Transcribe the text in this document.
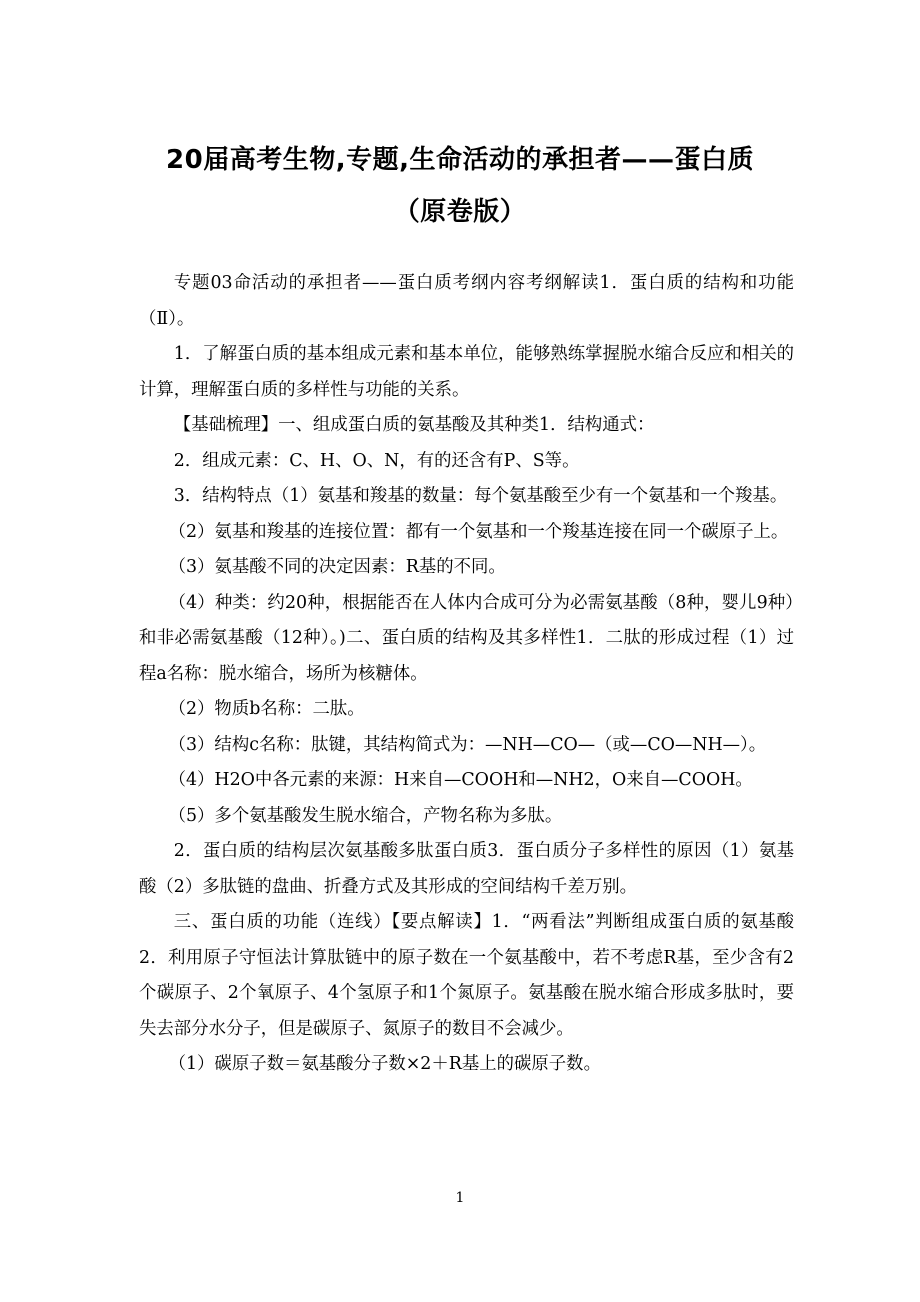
20届高考生物,专题,生命活动的承担者——蛋白质（原卷版）

专题03命活动的承担者——蛋白质考纲内容考纲解读1．蛋白质的结构和功能（Ⅱ）。

1．了解蛋白质的基本组成元素和基本单位，能够熟练掌握脱水缩合反应和相关的计算，理解蛋白质的多样性与功能的关系。

【基础梳理】一、组成蛋白质的氨基酸及其种类1．结构通式：

2．组成元素：C、H、O、N，有的还含有P、S等。

3．结构特点（1）氨基和羧基的数量：每个氨基酸至少有一个氨基和一个羧基。

（2）氨基和羧基的连接位置：都有一个氨基和一个羧基连接在同一个碳原子上。

（3）氨基酸不同的决定因素：R基的不同。

（4）种类：约20种，根据能否在人体内合成可分为必需氨基酸（8种，婴儿9种）和非必需氨基酸（12种）。)二、蛋白质的结构及其多样性1．二肽的形成过程（1）过程a名称：脱水缩合，场所为核糖体。

（2）物质b名称：二肽。

（3）结构c名称：肽键，其结构简式为：—NH—CO—（或—CO—NH—）。

（4）H2O中各元素的来源：H来自—COOH和—NH2，O来自—COOH。

（5）多个氨基酸发生脱水缩合，产物名称为多肽。

2．蛋白质的结构层次氨基酸多肽蛋白质3．蛋白质分子多样性的原因（1）氨基酸（2）多肽链的盘曲、折叠方式及其形成的空间结构千差万别。

三、蛋白质的功能（连线）【要点解读】1．“两看法”判断组成蛋白质的氨基酸2．利用原子守恒法计算肽链中的原子数在一个氨基酸中，若不考虑R基，至少含有2个碳原子、2个氧原子、4个氢原子和1个氮原子。氨基酸在脱水缩合形成多肽时，要失去部分水分子，但是碳原子、氮原子的数目不会减少。

（1）碳原子数＝氨基酸分子数×2＋R基上的碳原子数。

1
